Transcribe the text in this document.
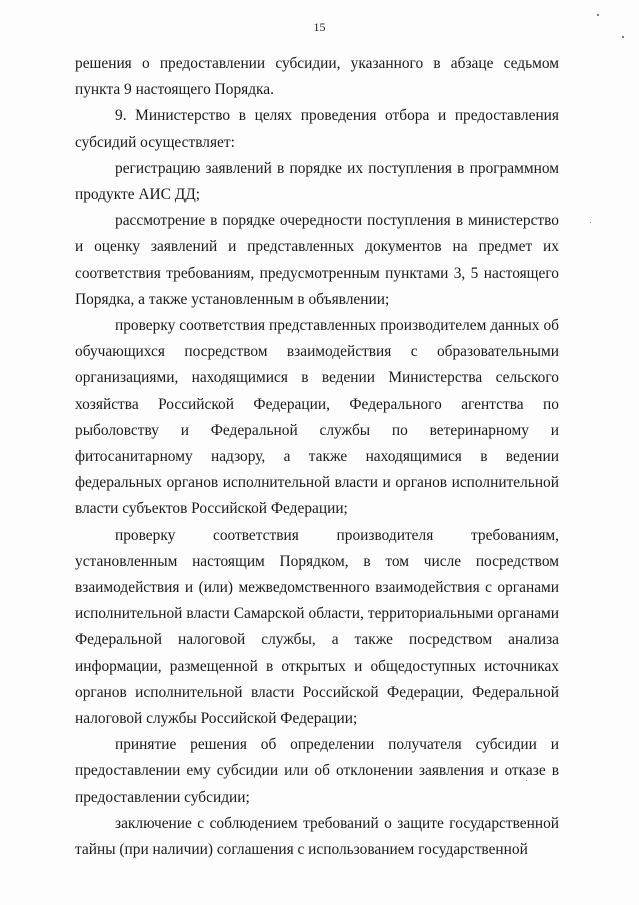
15

решения о предоставлении субсидии, указанного в абзаце седьмом пункта 9 настоящего Порядка.

9. Министерство в целях проведения отбора и предоставления субсидий осуществляет:

регистрацию заявлений в порядке их поступления в программном продукте АИС ДД;

рассмотрение в порядке очередности поступления в министерство и оценку заявлений и представленных документов на предмет их соответствия требованиям, предусмотренным пунктами 3, 5 настоящего Порядка, а также установленным в объявлении;

проверку соответствия представленных производителем данных об обучающихся посредством взаимодействия с образовательными организациями, находящимися в ведении Министерства сельского хозяйства Российской Федерации, Федерального агентства по рыболовству и Федеральной службы по ветеринарному и фитосанитарному надзору, а также находящимися в ведении федеральных органов исполнительной власти и органов исполнительной власти субъектов Российской Федерации;

проверку соответствия производителя требованиям, установленным настоящим Порядком, в том числе посредством взаимодействия и (или) межведомственного взаимодействия с органами исполнительной власти Самарской области, территориальными органами Федеральной налоговой службы, а также посредством анализа информации, размещенной в открытых и общедоступных источниках органов исполнительной власти Российской Федерации, Федеральной налоговой службы Российской Федерации;

принятие решения об определении получателя субсидии и предоставлении ему субсидии или об отклонении заявления и отказе в предоставлении субсидии;

заключение с соблюдением требований о защите государственной тайны (при наличии) соглашения с использованием государственной
